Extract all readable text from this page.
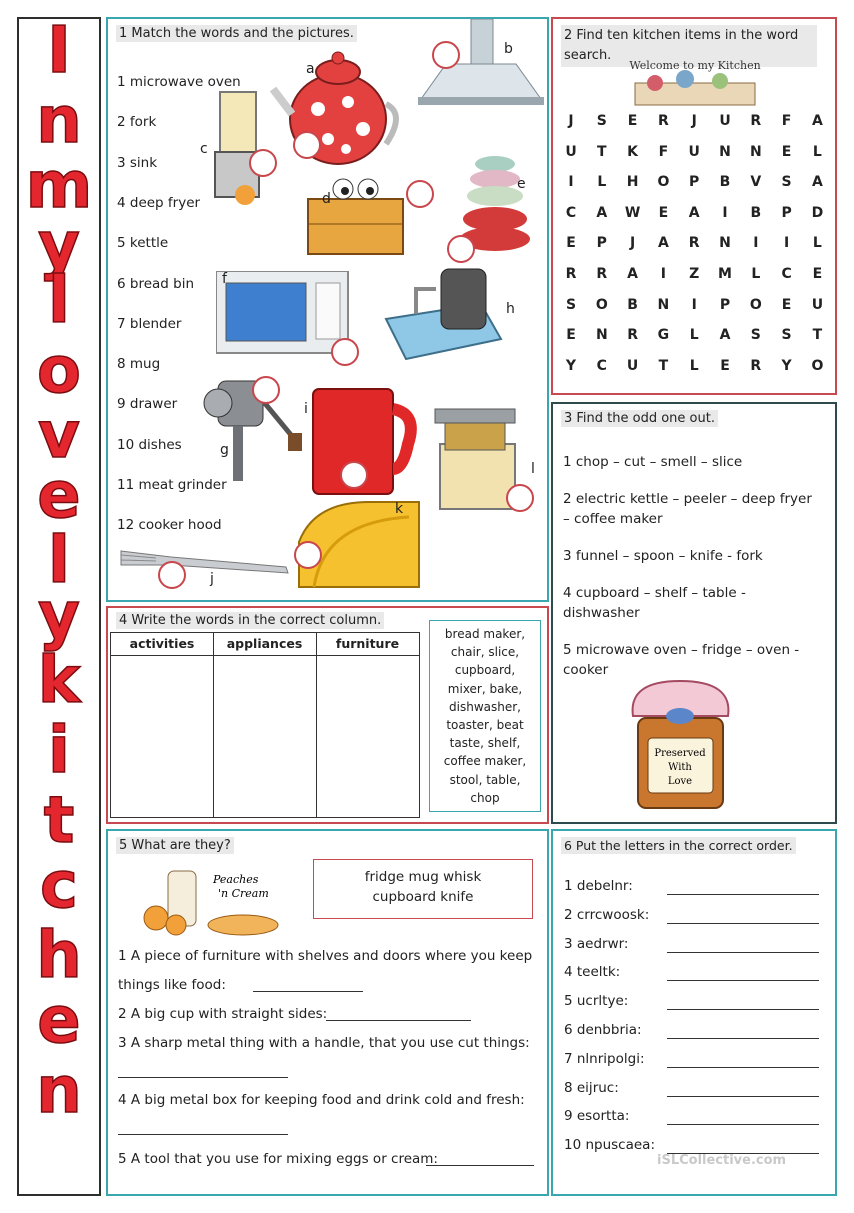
I
n
m
y
l
o
v
e
l
y
k
i
t
c
h
e
n
1 Match the words and the pictures.
1 microwave oven
2 fork
3 sink
4 deep fryer
5 kettle
6 bread bin
7 blender
8 mug
9 drawer
10 dishes
11 meat grinder
12 cooker hood
a
b
c
d
e
f
g
h
i
j
k
l
2 Find ten kitchen items in the word search.
Welcome to my Kitchen
J	S	E	R	J	U	R	F	A
U	T	K	F	U	N	N	E	L
I	L	H	O	P	B	V	S	A
C	A	W	E	A	I	B	P	D
E	P	J	A	R	N	I	I	L
R	R	A	I	Z	M	L	C	E
S	O	B	N	I	P	O	E	U
E	N	R	G	L	A	S	S	T
Y	C	U	T	L	E	R	Y	O
3 Find the odd one out.
1 chop – cut – smell – slice
2 electric kettle – peeler – deep fryer
– coffee maker
3 funnel – spoon – knife - fork
4 cupboard – shelf – table -
dishwasher
5 microwave oven – fridge – oven -
cooker
Preserved
With
Love
4 Write the words in the correct column.
activities	appliances	furniture
bread maker,
chair, slice,
cupboard,
mixer, bake,
dishwasher,
toaster, beat
taste, shelf,
coffee maker,
stool, table,
chop
5 What are they?
Peaches
'n Cream
fridge mug whisk
cupboard knife
1 A piece of furniture with shelves and doors where you keep
things like food:
2 A big cup with straight sides:
3 A sharp metal thing with a handle, that you use cut things:
4 A big metal box for keeping food and drink cold and fresh:
5 A tool that you use for mixing eggs or cream:
6 Put the letters in the correct order.
1 debelnr:
2 crrcwoosk:
3 aedrwr:
4 teeltk:
5 ucrltye:
6 denbbria:
7 nlnripolgi:
8 eijruc:
9 esortta:
10 npuscaea:
iSLCollective.com
